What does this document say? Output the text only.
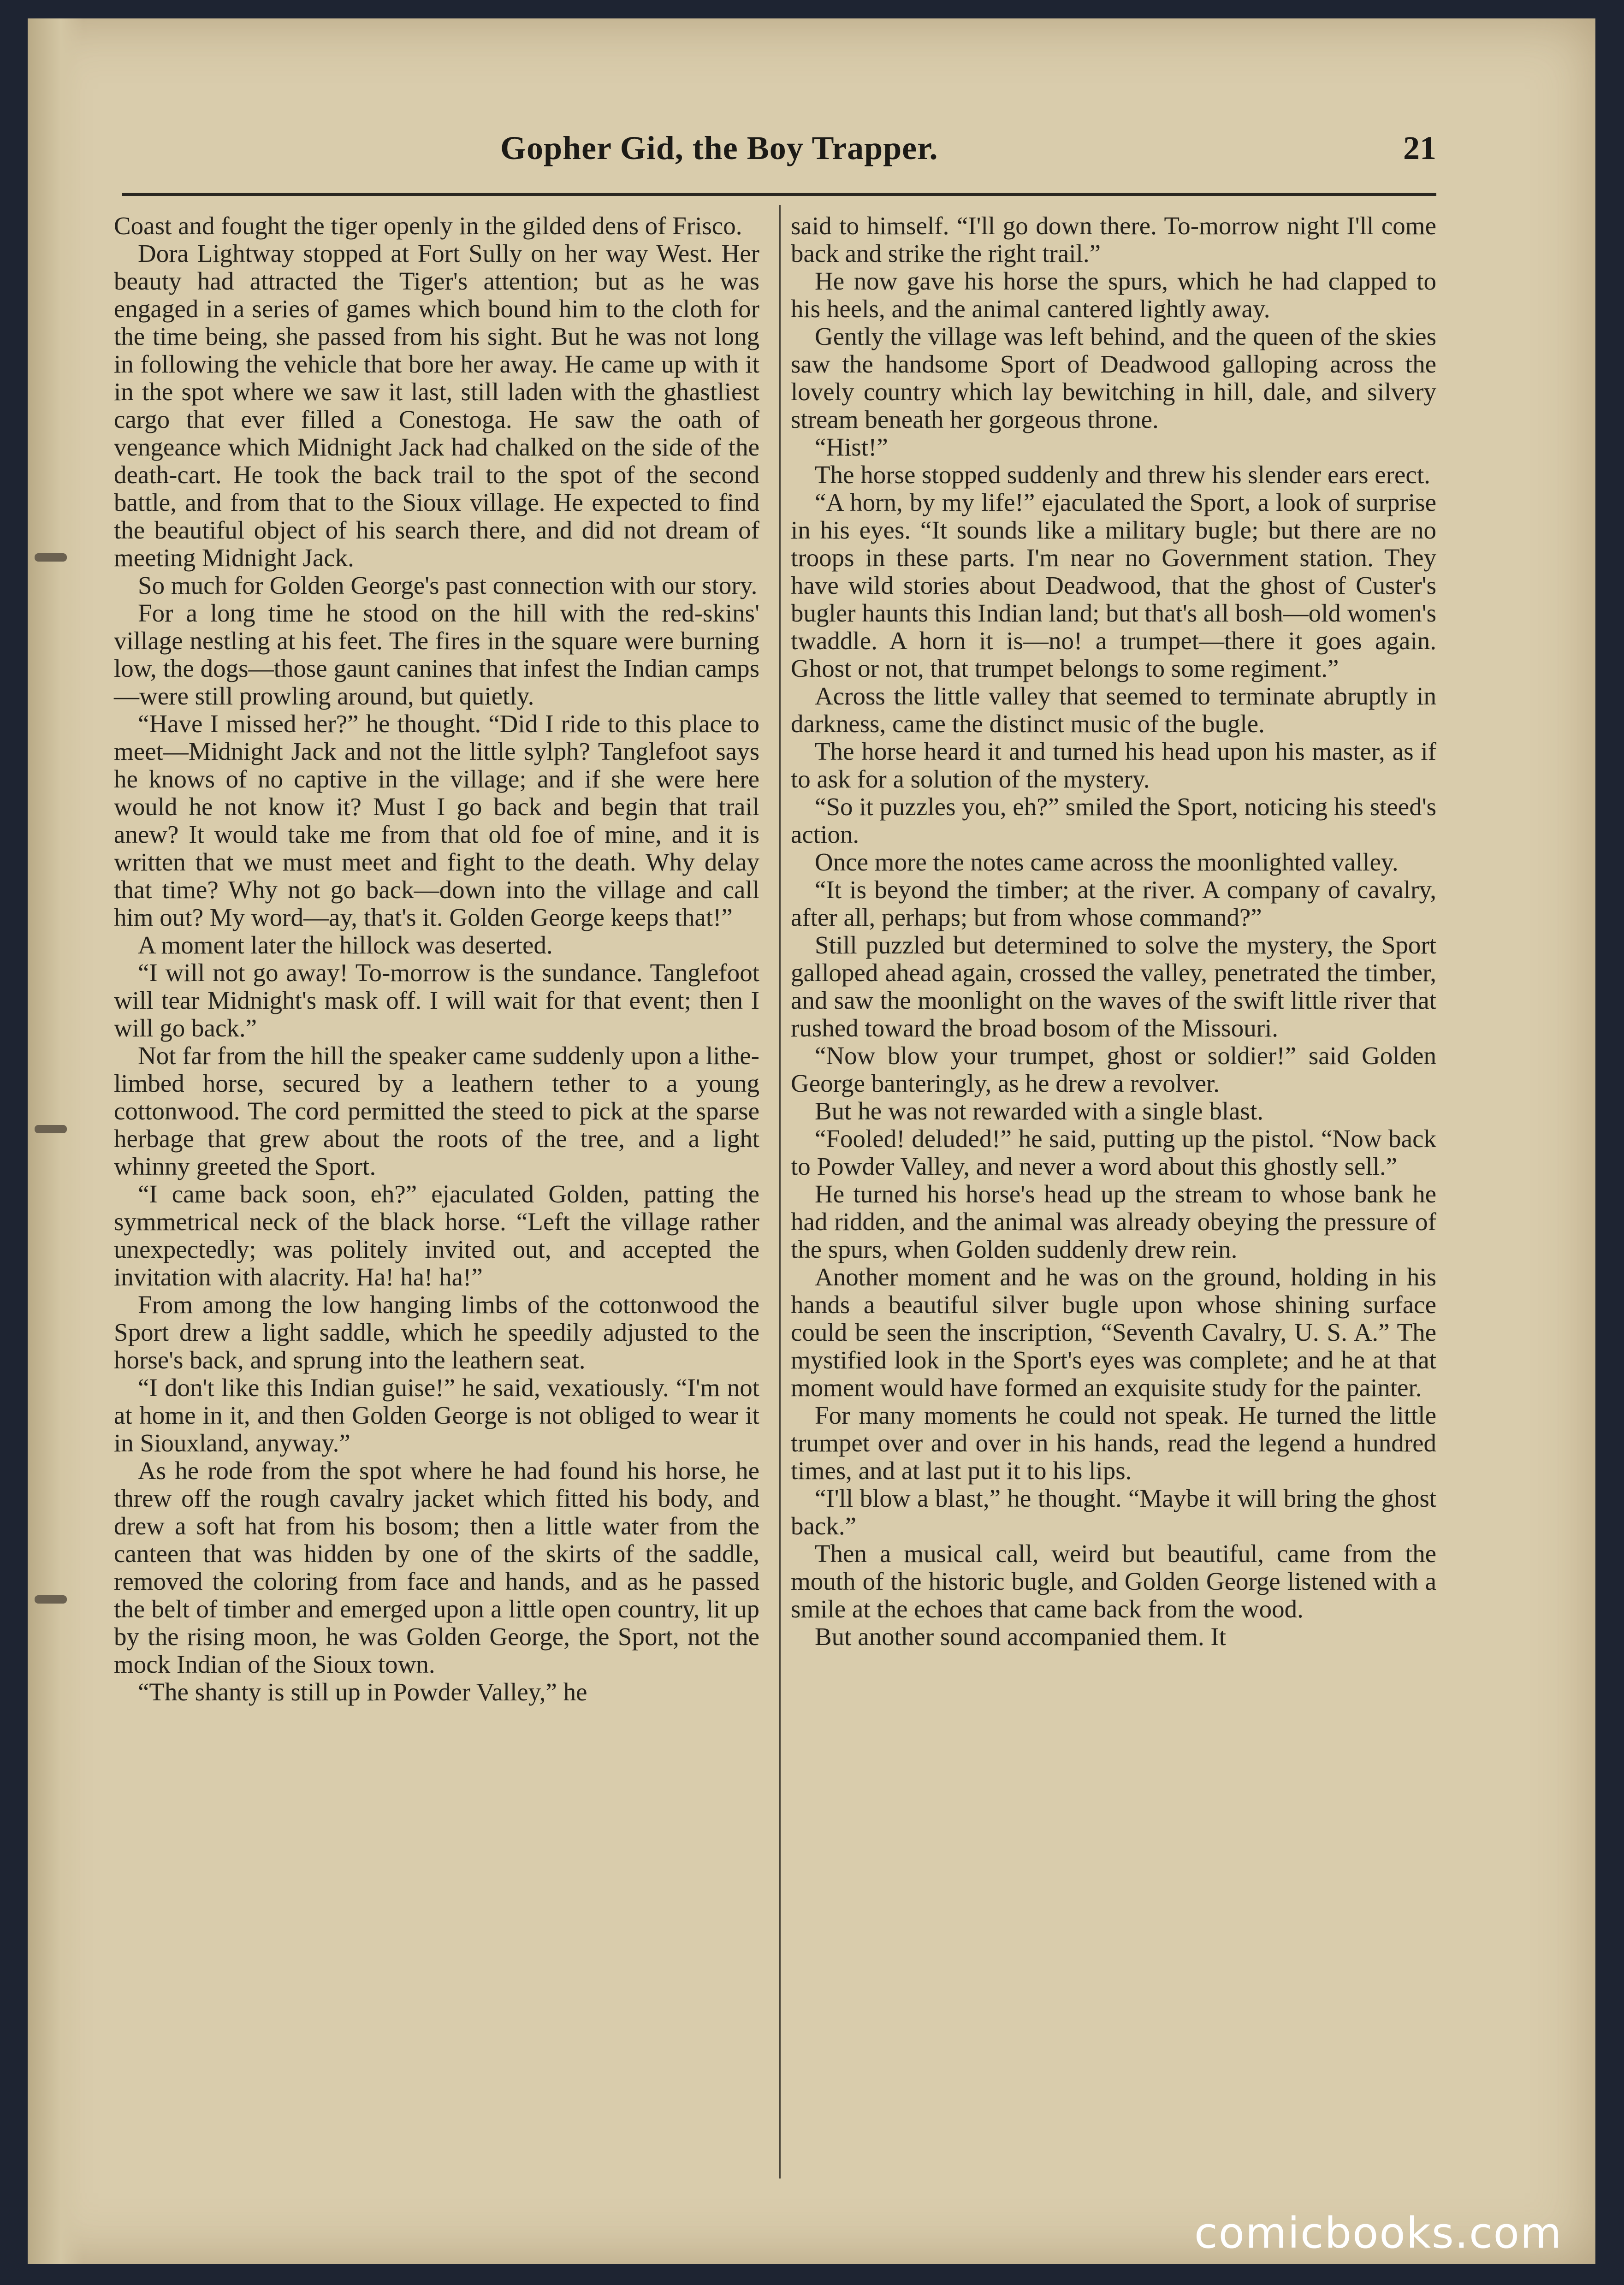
Gopher Gid, the Boy Trapper.	21

Coast and fought the tiger openly in the gilded dens of Frisco.

Dora Lightway stopped at Fort Sully on her way West. Her beauty had attracted the Tiger's attention; but as he was engaged in a series of games which bound him to the cloth for the time being, she passed from his sight. But he was not long in following the vehicle that bore her away. He came up with it in the spot where we saw it last, still laden with the ghastliest cargo that ever filled a Conestoga. He saw the oath of vengeance which Midnight Jack had chalked on the side of the death-cart. He took the back trail to the spot of the second battle, and from that to the Sioux village. He expected to find the beautiful object of his search there, and did not dream of meeting Midnight Jack.

So much for Golden George's past connection with our story.

For a long time he stood on the hill with the red-skins' village nestling at his feet. The fires in the square were burning low, the dogs—those gaunt canines that infest the Indian camps—were still prowling around, but quietly.

“Have I missed her?” he thought. “Did I ride to this place to meet—Midnight Jack and not the little sylph? Tanglefoot says he knows of no captive in the village; and if she were here would he not know it? Must I go back and begin that trail anew? It would take me from that old foe of mine, and it is written that we must meet and fight to the death. Why delay that time? Why not go back—down into the village and call him out? My word—ay, that's it. Golden George keeps that!”

A moment later the hillock was deserted.

“I will not go away! To-morrow is the sundance. Tanglefoot will tear Midnight's mask off. I will wait for that event; then I will go back.”

Not far from the hill the speaker came suddenly upon a lithe-limbed horse, secured by a leathern tether to a young cottonwood. The cord permitted the steed to pick at the sparse herbage that grew about the roots of the tree, and a light whinny greeted the Sport.

“I came back soon, eh?” ejaculated Golden, patting the symmetrical neck of the black horse. “Left the village rather unexpectedly; was politely invited out, and accepted the invitation with alacrity. Ha! ha! ha!”

From among the low hanging limbs of the cottonwood the Sport drew a light saddle, which he speedily adjusted to the horse's back, and sprung into the leathern seat.

“I don't like this Indian guise!” he said, vexatiously. “I'm not at home in it, and then Golden George is not obliged to wear it in Siouxland, anyway.”

As he rode from the spot where he had found his horse, he threw off the rough cavalry jacket which fitted his body, and drew a soft hat from his bosom; then a little water from the canteen that was hidden by one of the skirts of the saddle, removed the coloring from face and hands, and as he passed the belt of timber and emerged upon a little open country, lit up by the rising moon, he was Golden George, the Sport, not the mock Indian of the Sioux town.

“The shanty is still up in Powder Valley,” he

said to himself. “I'll go down there. To-morrow night I'll come back and strike the right trail.”

He now gave his horse the spurs, which he had clapped to his heels, and the animal cantered lightly away.

Gently the village was left behind, and the queen of the skies saw the handsome Sport of Deadwood galloping across the lovely country which lay bewitching in hill, dale, and silvery stream beneath her gorgeous throne.

“Hist!”

The horse stopped suddenly and threw his slender ears erect.

“A horn, by my life!” ejaculated the Sport, a look of surprise in his eyes. “It sounds like a military bugle; but there are no troops in these parts. I'm near no Government station. They have wild stories about Deadwood, that the ghost of Custer's bugler haunts this Indian land; but that's all bosh—old women's twaddle. A horn it is—no! a trumpet—there it goes again. Ghost or not, that trumpet belongs to some regiment.”

Across the little valley that seemed to terminate abruptly in darkness, came the distinct music of the bugle.

The horse heard it and turned his head upon his master, as if to ask for a solution of the mystery.

“So it puzzles you, eh?” smiled the Sport, noticing his steed's action.

Once more the notes came across the moonlighted valley.

“It is beyond the timber; at the river. A company of cavalry, after all, perhaps; but from whose command?”

Still puzzled but determined to solve the mystery, the Sport galloped ahead again, crossed the valley, penetrated the timber, and saw the moonlight on the waves of the swift little river that rushed toward the broad bosom of the Missouri.

“Now blow your trumpet, ghost or soldier!” said Golden George banteringly, as he drew a revolver.

But he was not rewarded with a single blast.

“Fooled! deluded!” he said, putting up the pistol. “Now back to Powder Valley, and never a word about this ghostly sell.”

He turned his horse's head up the stream to whose bank he had ridden, and the animal was already obeying the pressure of the spurs, when Golden suddenly drew rein.

Another moment and he was on the ground, holding in his hands a beautiful silver bugle upon whose shining surface could be seen the inscription, “Seventh Cavalry, U. S. A.” The mystified look in the Sport's eyes was complete; and he at that moment would have formed an exquisite study for the painter.

For many moments he could not speak. He turned the little trumpet over and over in his hands, read the legend a hundred times, and at last put it to his lips.

“I'll blow a blast,” he thought. “Maybe it will bring the ghost back.”

Then a musical call, weird but beautiful, came from the mouth of the historic bugle, and Golden George listened with a smile at the echoes that came back from the wood.

But another sound accompanied them. It

comicbooks.com
